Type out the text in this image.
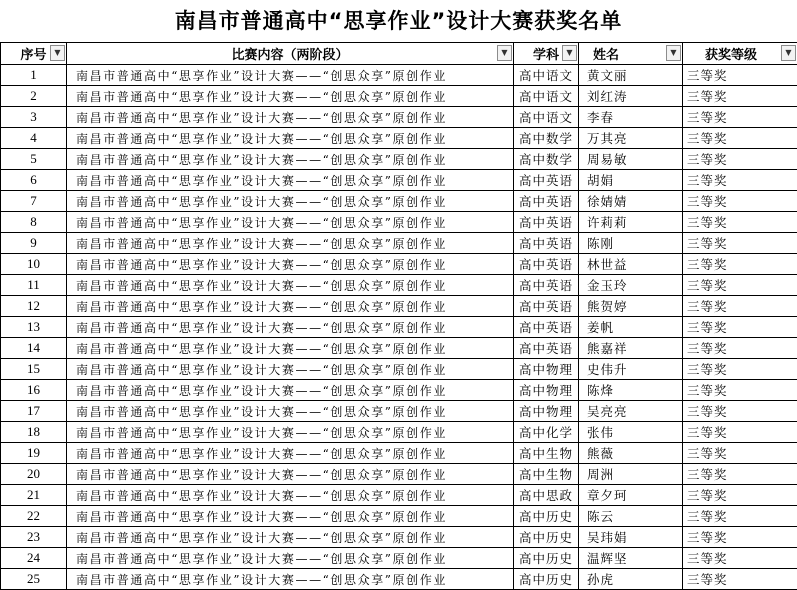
南昌市普通高中“思享作业”设计大赛获奖名单
序号 ▼	比赛内容（两阶段） ▼	学科 ▼	姓名 ▼	获奖等级 ▼

1	南昌市普通高中“思享作业”设计大赛——“创思众享”原创作业	高中语文	黄文丽	三等奖
2	南昌市普通高中“思享作业”设计大赛——“创思众享”原创作业	高中语文	刘红涛	三等奖
3	南昌市普通高中“思享作业”设计大赛——“创思众享”原创作业	高中语文	李春	三等奖
4	南昌市普通高中“思享作业”设计大赛——“创思众享”原创作业	高中数学	万其亮	三等奖
5	南昌市普通高中“思享作业”设计大赛——“创思众享”原创作业	高中数学	周易敏	三等奖
6	南昌市普通高中“思享作业”设计大赛——“创思众享”原创作业	高中英语	胡娟	三等奖
7	南昌市普通高中“思享作业”设计大赛——“创思众享”原创作业	高中英语	徐婧婧	三等奖
8	南昌市普通高中“思享作业”设计大赛——“创思众享”原创作业	高中英语	许莉莉	三等奖
9	南昌市普通高中“思享作业”设计大赛——“创思众享”原创作业	高中英语	陈刚	三等奖
10	南昌市普通高中“思享作业”设计大赛——“创思众享”原创作业	高中英语	林世益	三等奖
11	南昌市普通高中“思享作业”设计大赛——“创思众享”原创作业	高中英语	金玉玲	三等奖
12	南昌市普通高中“思享作业”设计大赛——“创思众享”原创作业	高中英语	熊贺婷	三等奖
13	南昌市普通高中“思享作业”设计大赛——“创思众享”原创作业	高中英语	姜帆	三等奖
14	南昌市普通高中“思享作业”设计大赛——“创思众享”原创作业	高中英语	熊嘉祥	三等奖
15	南昌市普通高中“思享作业”设计大赛——“创思众享”原创作业	高中物理	史伟升	三等奖
16	南昌市普通高中“思享作业”设计大赛——“创思众享”原创作业	高中物理	陈烽	三等奖
17	南昌市普通高中“思享作业”设计大赛——“创思众享”原创作业	高中物理	吴亮亮	三等奖
18	南昌市普通高中“思享作业”设计大赛——“创思众享”原创作业	高中化学	张伟	三等奖
19	南昌市普通高中“思享作业”设计大赛——“创思众享”原创作业	高中生物	熊薇	三等奖
20	南昌市普通高中“思享作业”设计大赛——“创思众享”原创作业	高中生物	周洲	三等奖
21	南昌市普通高中“思享作业”设计大赛——“创思众享”原创作业	高中思政	章夕珂	三等奖
22	南昌市普通高中“思享作业”设计大赛——“创思众享”原创作业	高中历史	陈云	三等奖
23	南昌市普通高中“思享作业”设计大赛——“创思众享”原创作业	高中历史	吴玮娟	三等奖
24	南昌市普通高中“思享作业”设计大赛——“创思众享”原创作业	高中历史	温辉坚	三等奖
25	南昌市普通高中“思享作业”设计大赛——“创思众享”原创作业	高中历史	孙虎	三等奖
